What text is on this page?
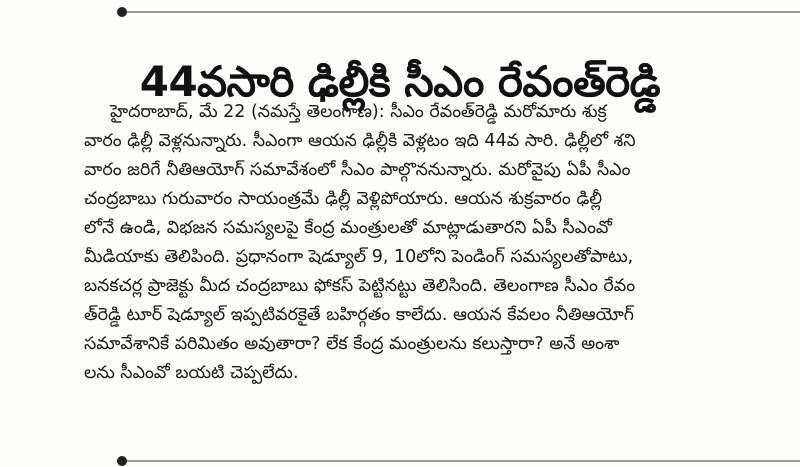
44వసారి ఢిల్లీకి సీఎం రేవంత్‌రెడ్డి
హైదరాబాద్‌, మే 22 (నమస్తే తెలంగాణ): సీఎం రేవంత్‌రెడ్డి మరోమారు శుక్ర
వారం ఢిల్లీ వెళ్లనున్నారు. సీఎంగా ఆయన ఢిల్లీకి వెళ్లటం ఇది 44వ సారి. ఢిల్లీలో శని
వారం జరిగే నీతిఆయోగ్‌ సమావేశంలో సీఎం పాల్గొననున్నారు. మరోవైపు ఏపీ సీఎం
చంద్రబాబు గురువారం సాయంత్రమే ఢిల్లీ వెళ్లిపోయారు. ఆయన శుక్రవారం ఢిల్లీ
లోనే ఉండి, విభజన సమస్యలపై కేంద్ర మంత్రులతో మాట్లాడుతారని ఏపీ సీఎంవో
మీడియాకు తెలిపింది. ప్రధానంగా షెడ్యూల్‌ 9, 10లోని పెండింగ్‌ సమస్యలతోపాటు,
బనకచర్ల ప్రాజెక్టు మీద చంద్రబాబు ఫోకస్‌ పెట్టినట్టు తెలిసింది. తెలంగాణ సీఎం రేవం
త్‌రెడ్డి టూర్‌ షెడ్యూల్‌ ఇప్పటివరకైతే బహిర్గతం కాలేదు. ఆయన కేవలం నీతిఆయోగ్‌
సమావేశానికే పరిమితం అవుతారా? లేక కేంద్ర మంత్రులను కలుస్తారా? అనే అంశా
లను సీఎంవో బయటి చెప్పలేదు.
